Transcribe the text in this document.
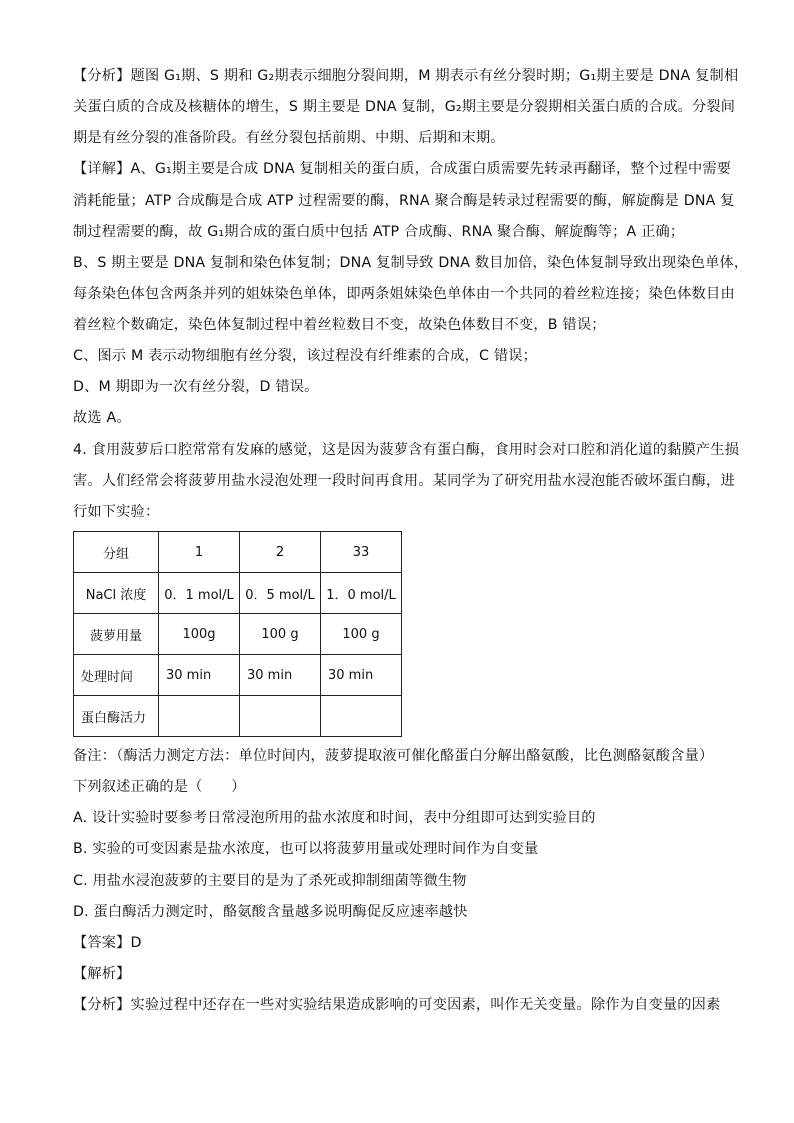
【分析】题图 G₁期、S 期和 G₂期表示细胞分裂间期，M 期表示有丝分裂时期；G₁期主要是 DNA 复制相
关蛋白质的合成及核糖体的增生，S 期主要是 DNA 复制，G₂期主要是分裂期相关蛋白质的合成。分裂间
期是有丝分裂的准备阶段。有丝分裂包括前期、中期、后期和末期。
【详解】A、G₁期主要是合成 DNA 复制相关的蛋白质，合成蛋白质需要先转录再翻译，整个过程中需要
消耗能量；ATP 合成酶是合成 ATP 过程需要的酶，RNA 聚合酶是转录过程需要的酶，解旋酶是 DNA 复
制过程需要的酶，故 G₁期合成的蛋白质中包括 ATP 合成酶、RNA 聚合酶、解旋酶等；A 正确；
B、S 期主要是 DNA 复制和染色体复制；DNA 复制导致 DNA 数目加倍，染色体复制导致出现染色单体，
每条染色体包含两条并列的姐妹染色单体，即两条姐妹染色单体由一个共同的着丝粒连接；染色体数目由
着丝粒个数确定，染色体复制过程中着丝粒数目不变，故染色体数目不变，B 错误；
C、图示 M 表示动物细胞有丝分裂，该过程没有纤维素的合成，C 错误；
D、M 期即为一次有丝分裂，D 错误。
故选 A。
4. 食用菠萝后口腔常常有发麻的感觉，这是因为菠萝含有蛋白酶，食用时会对口腔和消化道的黏膜产生损
害。人们经常会将菠萝用盐水浸泡处理一段时间再食用。某同学为了研究用盐水浸泡能否破坏蛋白酶，进
行如下实验：
分组	1	2	33
NaCl 浓度	0．1 mol/L	0．5 mol/L	1．0 mol/L
菠萝用量	100g	100 g	100 g
处理时间	30 min	30 min	30 min
蛋白酶活力			
备注：（酶活力测定方法：单位时间内，菠萝提取液可催化酪蛋白分解出酪氨酸，比色测酪氨酸含量）
下列叙述正确的是（　　）
A. 设计实验时要参考日常浸泡所用的盐水浓度和时间，表中分组即可达到实验目的
B. 实验的可变因素是盐水浓度，也可以将菠萝用量或处理时间作为自变量
C. 用盐水浸泡菠萝的主要目的是为了杀死或抑制细菌等微生物
D. 蛋白酶活力测定时，酪氨酸含量越多说明酶促反应速率越快
【答案】D
【解析】
【分析】实验过程中还存在一些对实验结果造成影响的可变因素，叫作无关变量。除作为自变量的因素
